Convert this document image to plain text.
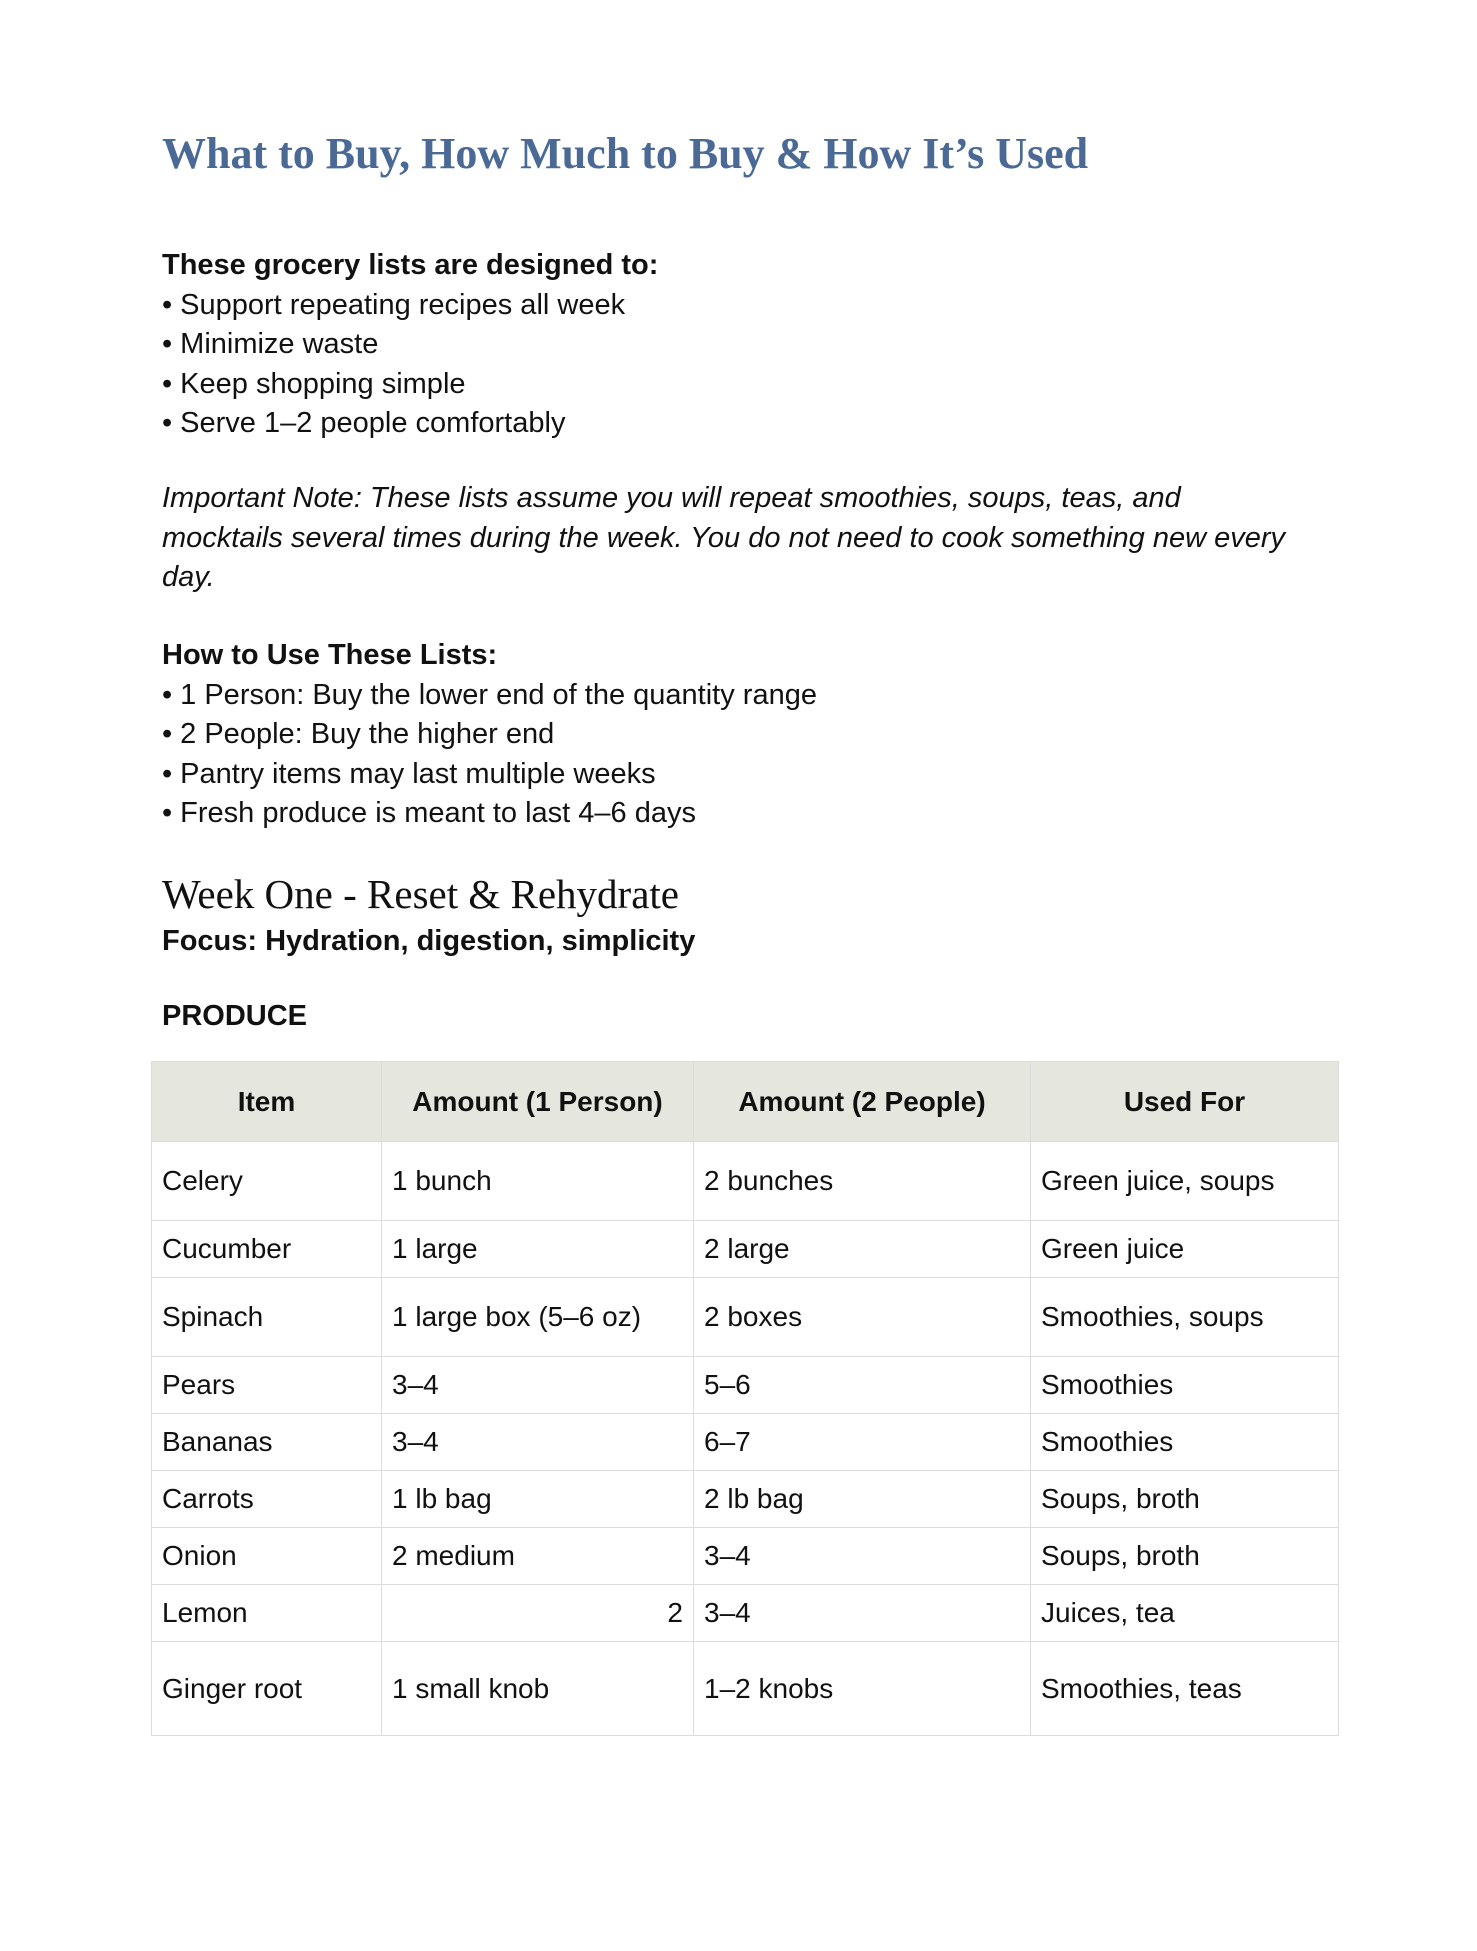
What to Buy, How Much to Buy & How It’s Used

These grocery lists are designed to:

• Support repeating recipes all week
• Minimize waste
• Keep shopping simple
• Serve 1–2 people comfortably
Important Note: These lists assume you will repeat smoothies, soups, teas, and mocktails several times during the week. You do not need to cook something new every day.

How to Use These Lists:

• 1 Person: Buy the lower end of the quantity range
• 2 People: Buy the higher end
• Pantry items may last multiple weeks
• Fresh produce is meant to last 4–6 days
Week One - Reset & Rehydrate
Focus: Hydration, digestion, simplicity
PRODUCE
Item	Amount (1 Person)	Amount (2 People)	Used For
Celery	1 bunch	2 bunches	Green juice, soups
Cucumber	1 large	2 large	Green juice
Spinach	1 large box (5–6 oz)	2 boxes	Smoothies, soups
Pears	3–4	5–6	Smoothies
Bananas	3–4	6–7	Smoothies
Carrots	1 lb bag	2 lb bag	Soups, broth
Onion	2 medium	3–4	Soups, broth
Lemon	2	3–4	Juices, tea
Ginger root	1 small knob	1–2 knobs	Smoothies, teas
